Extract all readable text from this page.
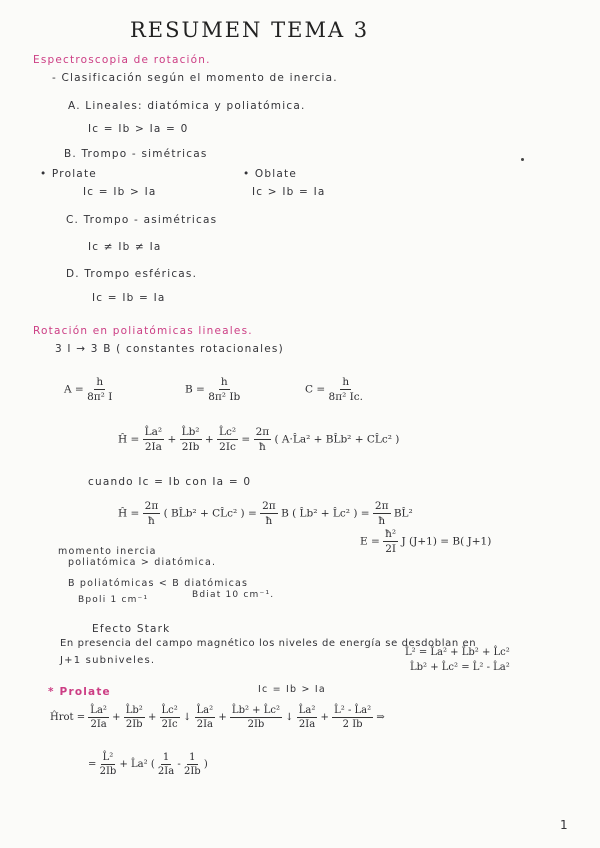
RESUMEN TEMA 3
Espectroscopia de rotación.
- Clasificación según el momento de inercia.
A. Lineales: diatómica y poliatómica.
Ic = Ib > Ia = 0
B. Trompo - simétricas
• Prolate
Ic = Ib > Ia
• Oblate
Ic > Ib = Ia
C. Trompo - asimétricas
Ic ≠ Ib ≠ Ia
D. Trompo esféricas.
Ic = Ib = Ia
Rotación en poliatómicas lineales.
3 I → 3 B ( constantes rotacionales)
$A = \frac{h}{\text{8π² I}}$	$B = \frac{h}{\text{8π² Ib}}$	$C = \frac{h}{\text{8π² Ic.}}$
Ĥ = $\frac{\text{L̂a²}}{2Ia} + \frac{\text{L̂b²}}{2Ib} + \frac{\text{L̂c²}}{2Ic} = \frac{2\pi}{ħ}$ ( A·L̂a² + BL̂b² + CL̂c² )
cuando Ic = Ib con Ia = 0
Ĥ = $\frac{2\pi}{ħ}$ ( BL̂b² + CL̂c² ) = $\frac{2\pi}{ħ}$ B ( L̂b² + L̂c² ) = $\frac{2\pi}{ħ}$ BL̂²
$E = \frac{\text{ħ²}}{2I}$ J (J+1) = B( J+1)
momento inercia
poliatómica > diatómica.
B poliatómicas < B diatómicas
Bpoli 1 cm⁻¹	Bdiat 10 cm⁻¹.
Efecto Stark
En presencia del campo magnético los niveles de energía se desdoblan en
J+1 subniveles.
L̂² = L̂a² + L̂b² + L̂c²
L̂b² + L̂c² = L̂² - L̂a²
* Prolate	Ic = Ib > Ia
Ĥrot = $\frac{\text{L̂a²}}{2Ia} + \frac{\text{L̂b²}}{2Ib} + \frac{\text{L̂c²}}{2Ic}$ ↓ $\frac{\text{L̂a²}}{2Ia} + \frac{\text{L̂b² + L̂c²}}{2Ib}$ ↓ $\frac{\text{L̂a²}}{2Ia} + \frac{\text{L̂² - L̂a²}}{2 Ib}$ ⇒
= $\frac{\text{L̂²}}{2Ib}$ + L̂a² ( $\frac{1}{2Ia} - \frac{1}{2Ib}$ )
1
